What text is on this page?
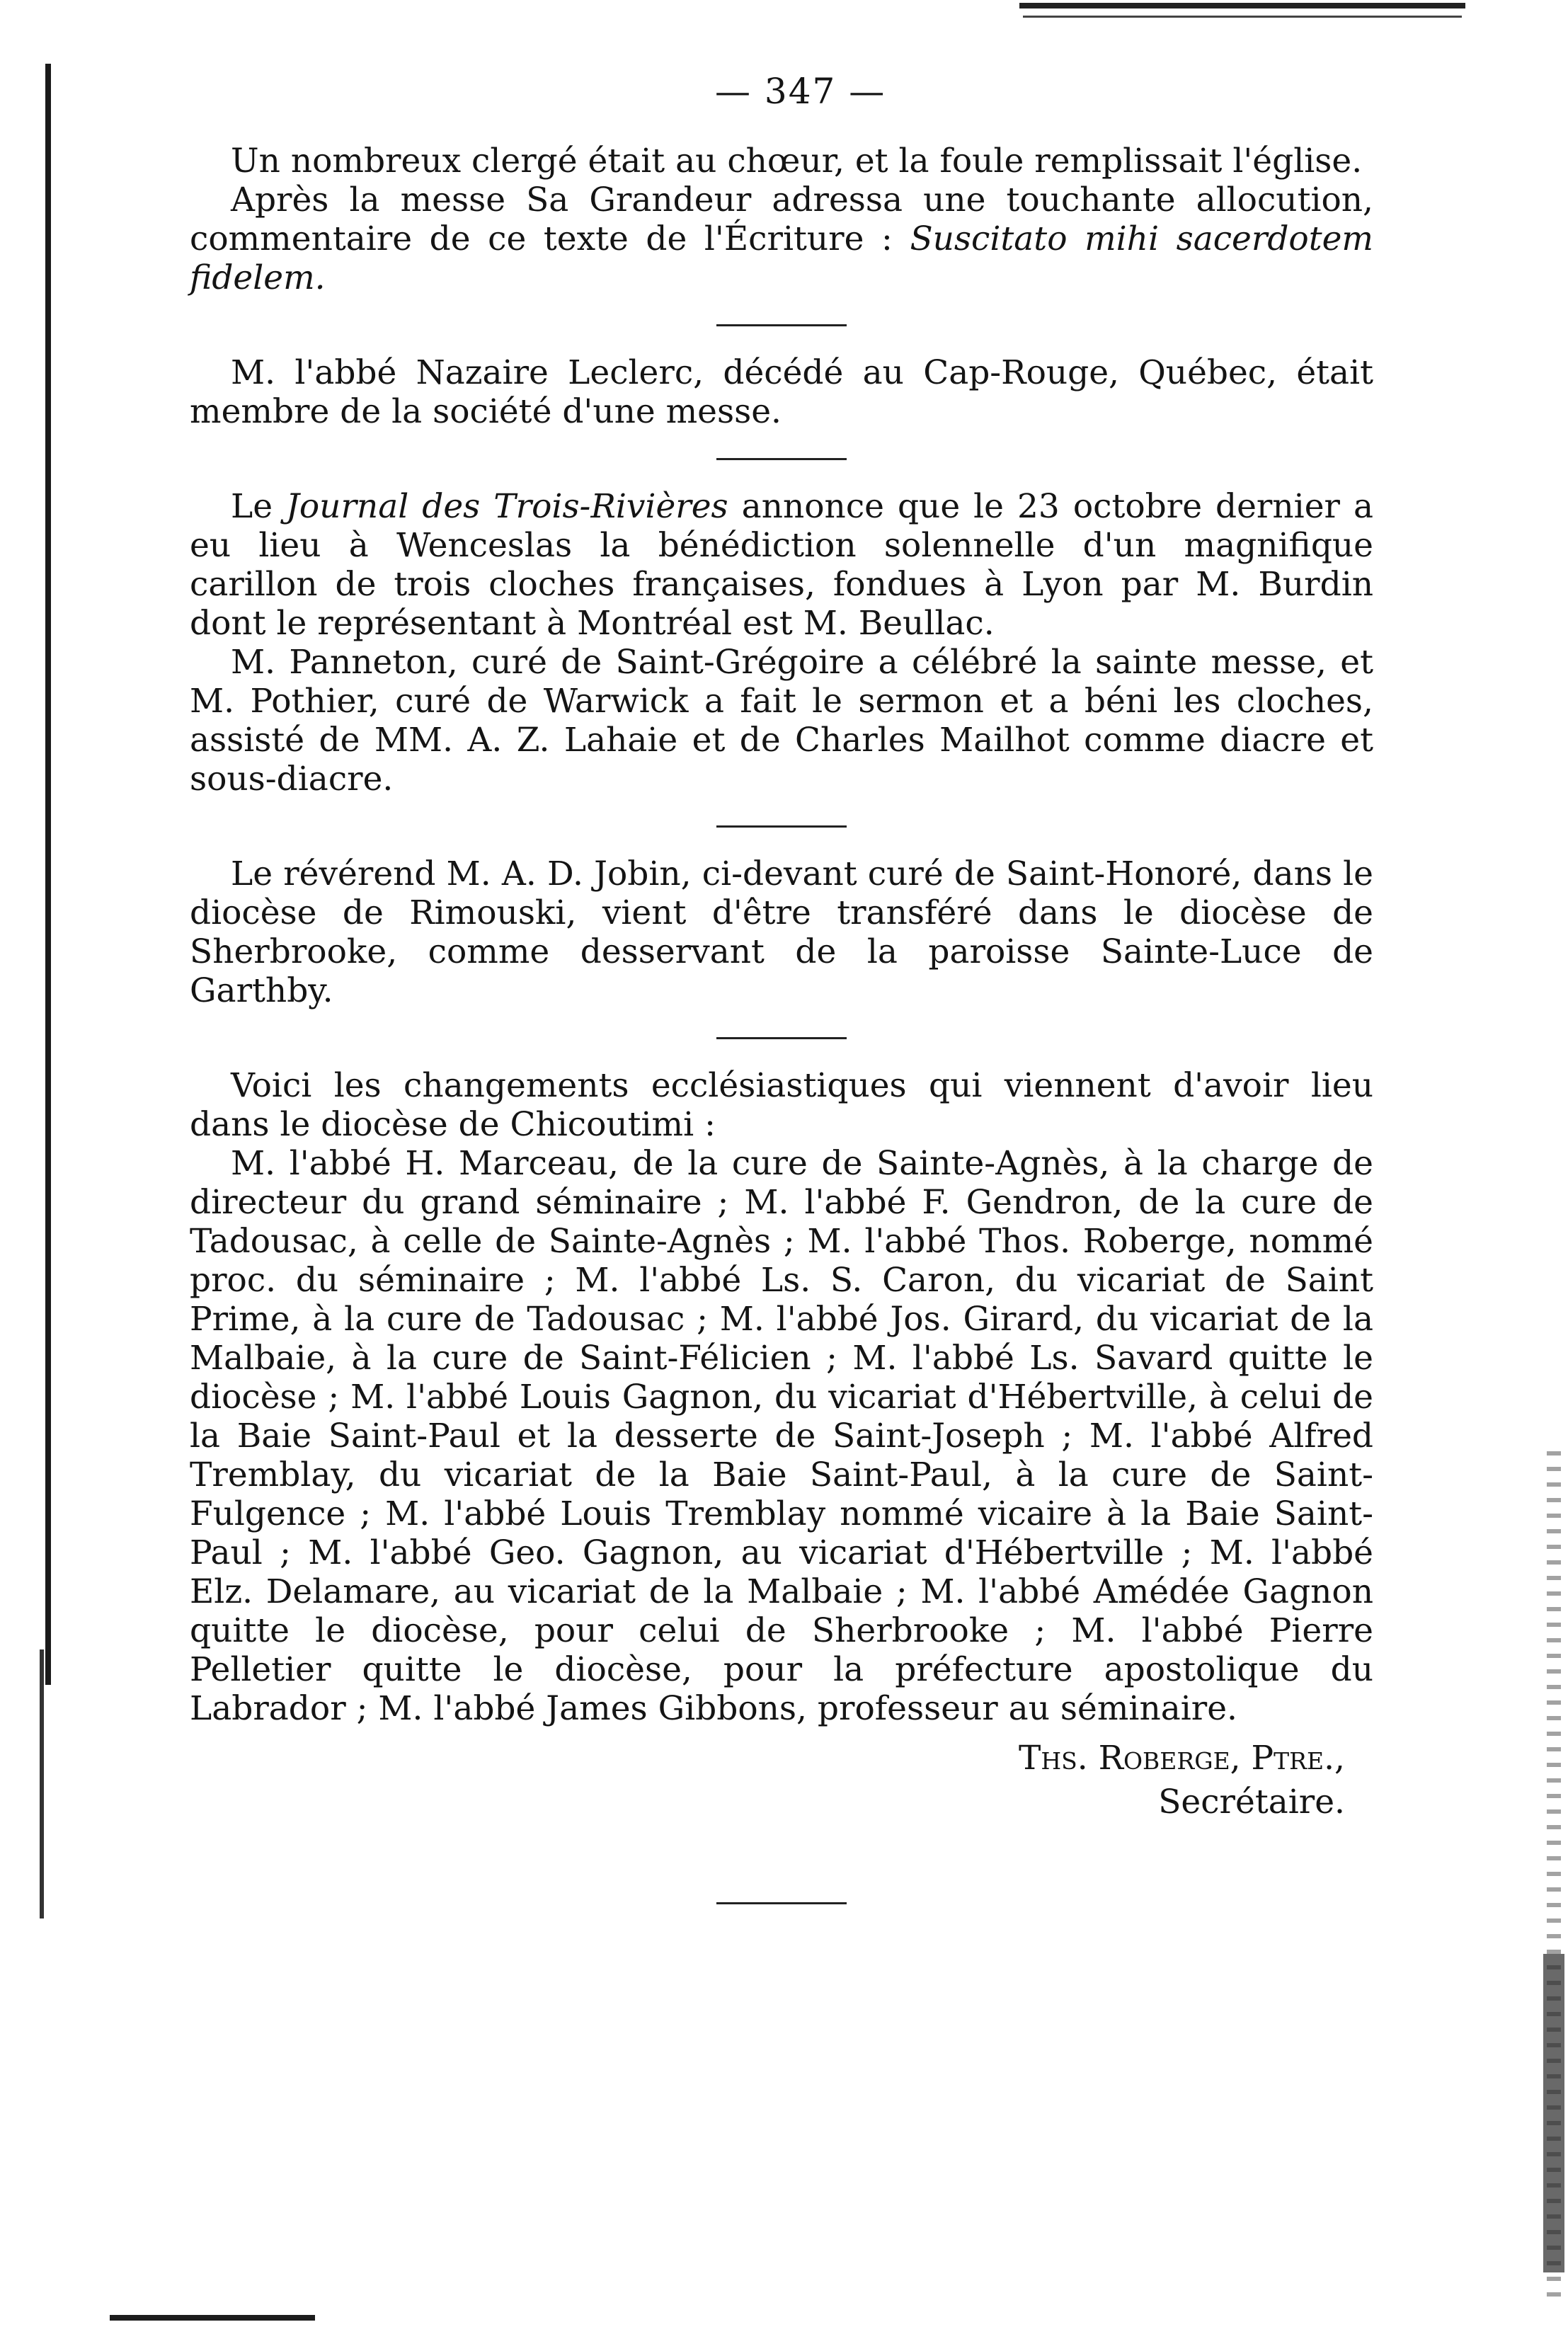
— 347 —

Un nombreux clergé était au chœur, et la foule remplissait l'église.

Après la messe Sa Grandeur adressa une touchante allocution, commentaire de ce texte de l'Écriture : Suscitato mihi sacerdotem fidelem.

M. l'abbé Nazaire Leclerc, décédé au Cap-Rouge, Québec, était membre de la société d'une messe.

Le Journal des Trois-Rivières annonce que le 23 octobre dernier a eu lieu à Wenceslas la bénédiction solennelle d'un magnifique carillon de trois cloches françaises, fondues à Lyon par M. Burdin dont le représentant à Montréal est M. Beullac.

M. Panneton, curé de Saint-Grégoire a célébré la sainte messe, et M. Pothier, curé de Warwick a fait le sermon et a béni les cloches, assisté de MM. A. Z. Lahaie et de Charles Mailhot comme diacre et sous-diacre.

Le révérend M. A. D. Jobin, ci-devant curé de Saint-Honoré, dans le diocèse de Rimouski, vient d'être transféré dans le diocèse de Sherbrooke, comme desservant de la paroisse Sainte-Luce de Garthby.

Voici les changements ecclésiastiques qui viennent d'avoir lieu dans le diocèse de Chicoutimi :

M. l'abbé H. Marceau, de la cure de Sainte-Agnès, à la charge de directeur du grand séminaire ; M. l'abbé F. Gendron, de la cure de Tadousac, à celle de Sainte-Agnès ; M. l'abbé Thos. Roberge, nommé proc. du séminaire ; M. l'abbé Ls. S. Caron, du vicariat de Saint Prime, à la cure de Tadousac ; M. l'abbé Jos. Girard, du vicariat de la Malbaie, à la cure de Saint-Félicien ; M. l'abbé Ls. Savard quitte le diocèse ; M. l'abbé Louis Gagnon, du vicariat d'Hébertville, à celui de la Baie Saint-Paul et la desserte de Saint-Joseph ; M. l'abbé Alfred Tremblay, du vicariat de la Baie Saint-Paul, à la cure de Saint-Fulgence ; M. l'abbé Louis Tremblay nommé vicaire à la Baie Saint-Paul ; M. l'abbé Geo. Gagnon, au vicariat d'Hébertville ; M. l'abbé Elz. Delamare, au vicariat de la Malbaie ; M. l'abbé Amédée Gagnon quitte le diocèse, pour celui de Sherbrooke ; M. l'abbé Pierre Pelletier quitte le diocèse, pour la préfecture apostolique du Labrador ; M. l'abbé James Gibbons, professeur au séminaire.

Ths. Roberge, Ptre.,
Secrétaire.
